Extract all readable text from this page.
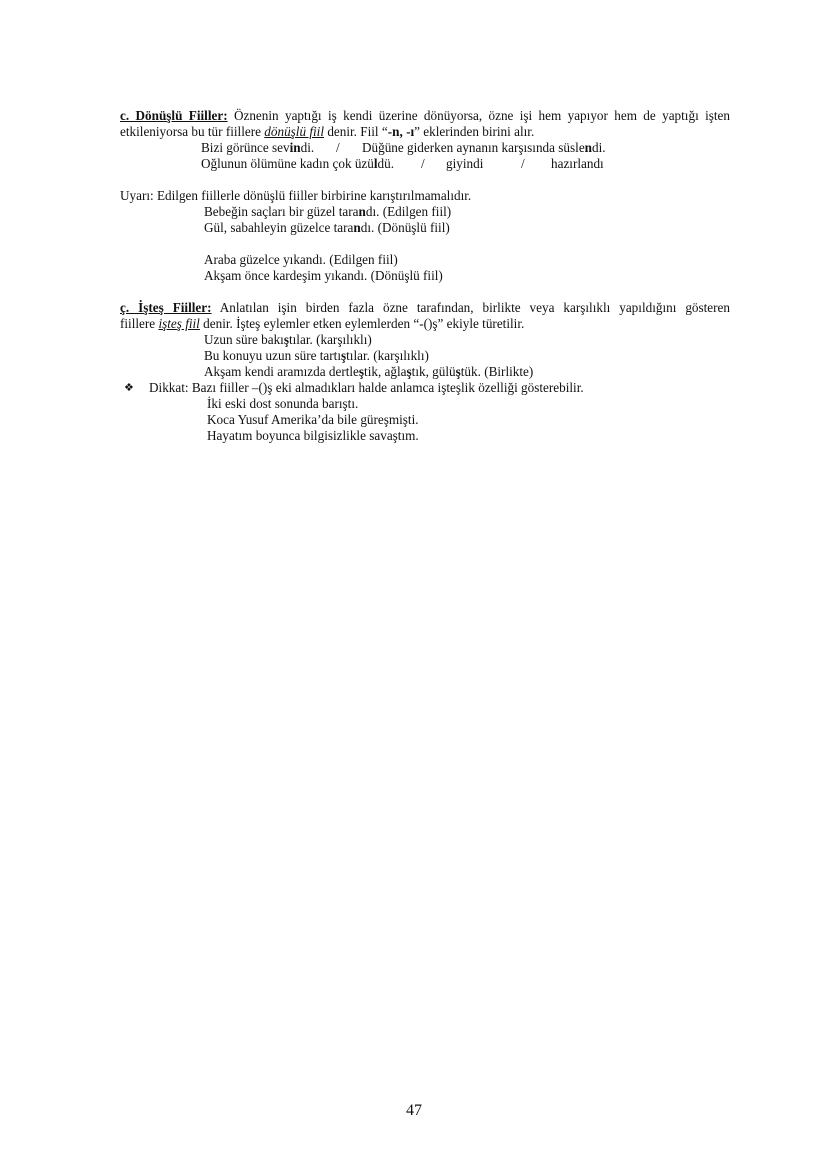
c. Dönüşlü Fiiller: Öznenin yaptığı iş kendi üzerine dönüyorsa, özne işi hem yapıyor hem de yaptığı işten
etkileniyorsa bu tür fiillere dönüşlü fiil denir. Fiil “-n, -ı” eklerinden birini alır.
Bizi görünce sevindi. / Düğüne giderken aynanın karşısında süslendi.
Oğlunun ölümüne kadın çok üzüldü. / giyindi	/ hazırlandı
Uyarı: Edilgen fiillerle dönüşlü fiiller birbirine karıştırılmamalıdır.
Bebeğin saçları bir güzel tarandı. (Edilgen fiil)
Gül, sabahleyin güzelce tarandı. (Dönüşlü fiil)
Araba güzelce yıkandı. (Edilgen fiil)
Akşam önce kardeşim yıkandı. (Dönüşlü fiil)
ç. İşteş Fiiller: Anlatılan işin birden fazla özne tarafından, birlikte veya karşılıklı yapıldığını gösteren
fiillere işteş fiil denir. İşteş eylemler etken eylemlerden “-()ş” ekiyle türetilir.
Uzun süre bakıştılar. (karşılıklı)
Bu konuyu uzun süre tartıştılar. (karşılıklı)
Akşam kendi aramızda dertleştik, ağlaştık, gülüştük. (Birlikte)
❖ Dikkat: Bazı fiiller –()ş eki almadıkları halde anlamca işteşlik özelliği gösterebilir.
İki eski dost sonunda barıştı.
Koca Yusuf Amerika’da bile güreşmişti.
Hayatım boyunca bilgisizlikle savaştım.
47
